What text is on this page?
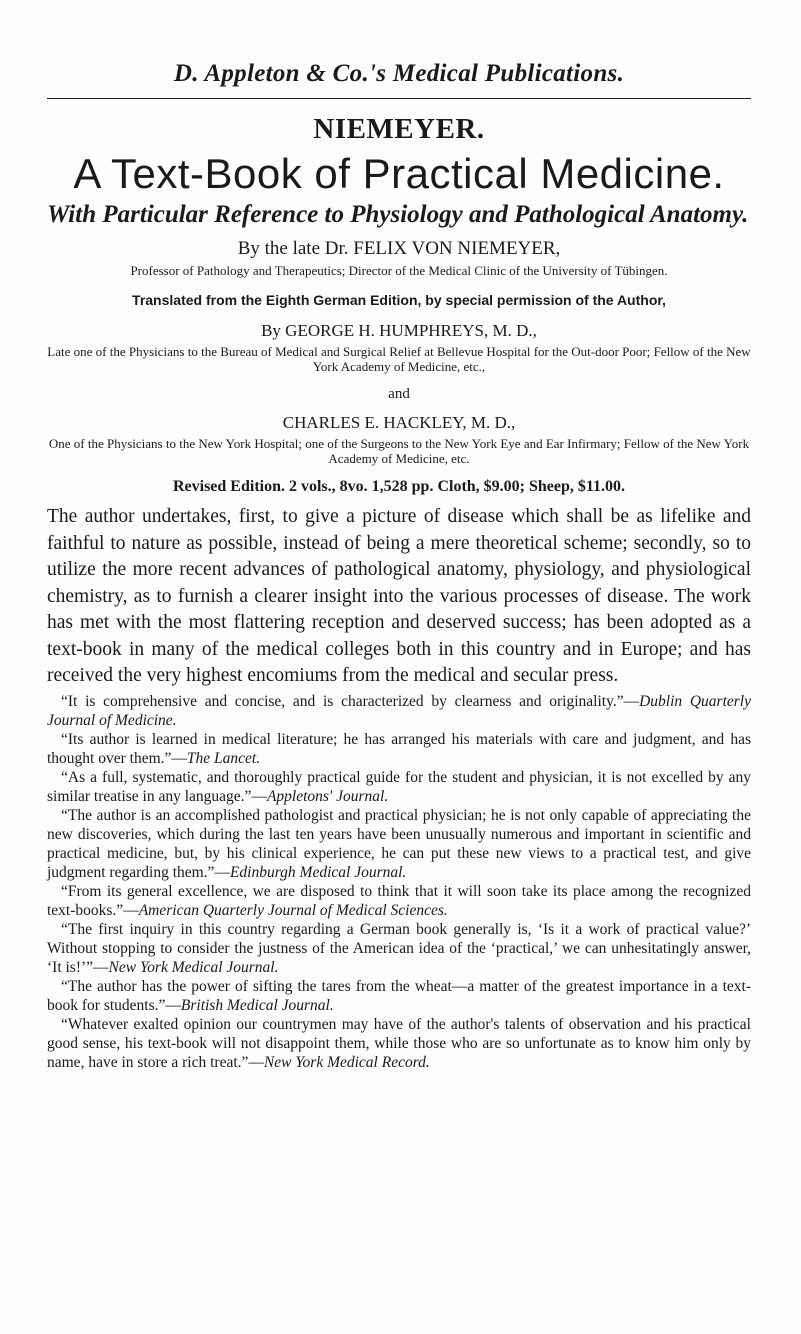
D. Appleton & Co.'s Medical Publications.
NIEMEYER.
A Text-Book of Practical Medicine.
With Particular Reference to Physiology and Pathological Anatomy.
By the late Dr. FELIX VON NIEMEYER,
Professor of Pathology and Therapeutics; Director of the Medical Clinic of the University of Tübingen.
Translated from the Eighth German Edition, by special permission of the Author,
By GEORGE H. HUMPHREYS, M. D.,
Late one of the Physicians to the Bureau of Medical and Surgical Relief at Bellevue Hospital for the Out-door Poor; Fellow of the New York Academy of Medicine, etc.,
and
CHARLES E. HACKLEY, M. D.,
One of the Physicians to the New York Hospital; one of the Surgeons to the New York Eye and Ear Infirmary; Fellow of the New York Academy of Medicine, etc.
Revised Edition. 2 vols., 8vo. 1,528 pp. Cloth, $9.00; Sheep, $11.00.

The author undertakes, first, to give a picture of disease which shall be as lifelike and faithful to nature as possible, instead of being a mere theoretical scheme; secondly, so to utilize the more recent advances of pathological anatomy, physiology, and physiological chemistry, as to furnish a clearer insight into the various processes of disease. The work has met with the most flattering reception and deserved success; has been adopted as a text-book in many of the medical colleges both in this country and in Europe; and has received the very highest encomiums from the medical and secular press.

“It is comprehensive and concise, and is characterized by clearness and originality.”—Dublin Quarterly Journal of Medicine.

“Its author is learned in medical literature; he has arranged his materials with care and judgment, and has thought over them.”—The Lancet.

“As a full, systematic, and thoroughly practical guide for the student and physician, it is not excelled by any similar treatise in any language.”—Appletons' Journal.

“The author is an accomplished pathologist and practical physician; he is not only capable of appreciating the new discoveries, which during the last ten years have been unusually numerous and important in scientific and practical medicine, but, by his clinical experience, he can put these new views to a practical test, and give judgment regarding them.”—Edinburgh Medical Journal.

“From its general excellence, we are disposed to think that it will soon take its place among the recognized text-books.”—American Quarterly Journal of Medical Sciences.

“The first inquiry in this country regarding a German book generally is, ‘Is it a work of practical value?’ Without stopping to consider the justness of the American idea of the ‘practical,’ we can unhesitatingly answer, ‘It is!’”—New York Medical Journal.

“The author has the power of sifting the tares from the wheat—a matter of the greatest importance in a text-book for students.”—British Medical Journal.

“Whatever exalted opinion our countrymen may have of the author's talents of observation and his practical good sense, his text-book will not disappoint them, while those who are so unfortunate as to know him only by name, have in store a rich treat.”—New York Medical Record.
